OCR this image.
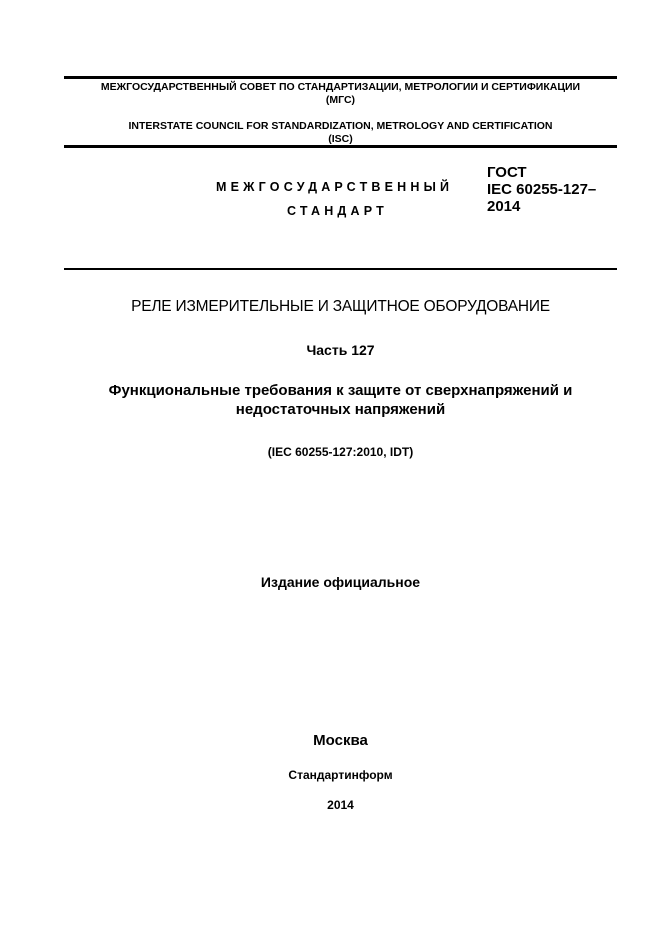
МЕЖГОСУДАРСТВЕННЫЙ СОВЕТ ПО СТАНДАРТИЗАЦИИ, МЕТРОЛОГИИ И СЕРТИФИКАЦИИ
(МГС)
INTERSTATE COUNCIL FOR STANDARDIZATION, METROLOGY AND CERTIFICATION
(ISC)
МЕЖГОСУДАРСТВЕННЫЙ
СТАНДАРТ
ГОСТ
IEC 60255-127–
2014
РЕЛЕ ИЗМЕРИТЕЛЬНЫЕ И ЗАЩИТНОЕ ОБОРУДОВАНИЕ
Часть 127
Функциональные требования к защите от сверхнапряжений и
недостаточных напряжений
(IEC 60255-127:2010, IDT)
Издание официальное
Москва
Стандартинформ
2014
